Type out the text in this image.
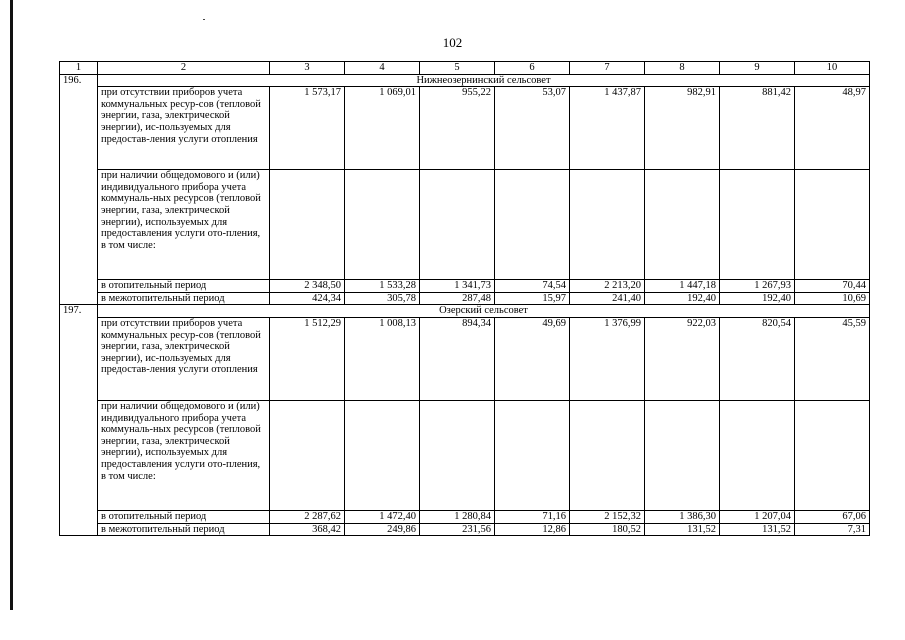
102
1	2	3	4	5	6	7	8	9	10
196.	Нижнеозернинский сельсовет								
	при отсутствии приборов учета коммунальных ресур-сов (тепловой энергии, газа, электрической энергии), ис-пользуемых для предостав-ления услуги отопления	1 573,17	1 069,01	955,22	53,07	1 437,87	982,91	881,42	48,97
	при наличии общедомового и (или) индивидуального прибора учета коммуналь-ных ресурсов (тепловой энергии, газа, электрической энергии), используемых для предоставления услуги ото-пления, в том числе:								
	в отопительный период	2 348,50	1 533,28	1 341,73	74,54	2 213,20	1 447,18	1 267,93	70,44
	в межотопительный период	424,34	305,78	287,48	15,97	241,40	192,40	192,40	10,69
197.	Озерский сельсовет								
	при отсутствии приборов учета коммунальных ресур-сов (тепловой энергии, газа, электрической энергии), ис-пользуемых для предостав-ления услуги отопления	1 512,29	1 008,13	894,34	49,69	1 376,99	922,03	820,54	45,59
	при наличии общедомового и (или) индивидуального прибора учета коммуналь-ных ресурсов (тепловой энергии, газа, электрической энергии), используемых для предоставления услуги ото-пления, в том числе:								
	в отопительный период	2 287,62	1 472,40	1 280,84	71,16	2 152,32	1 386,30	1 207,04	67,06
	в межотопительный период	368,42	249,86	231,56	12,86	180,52	131,52	131,52	7,31
